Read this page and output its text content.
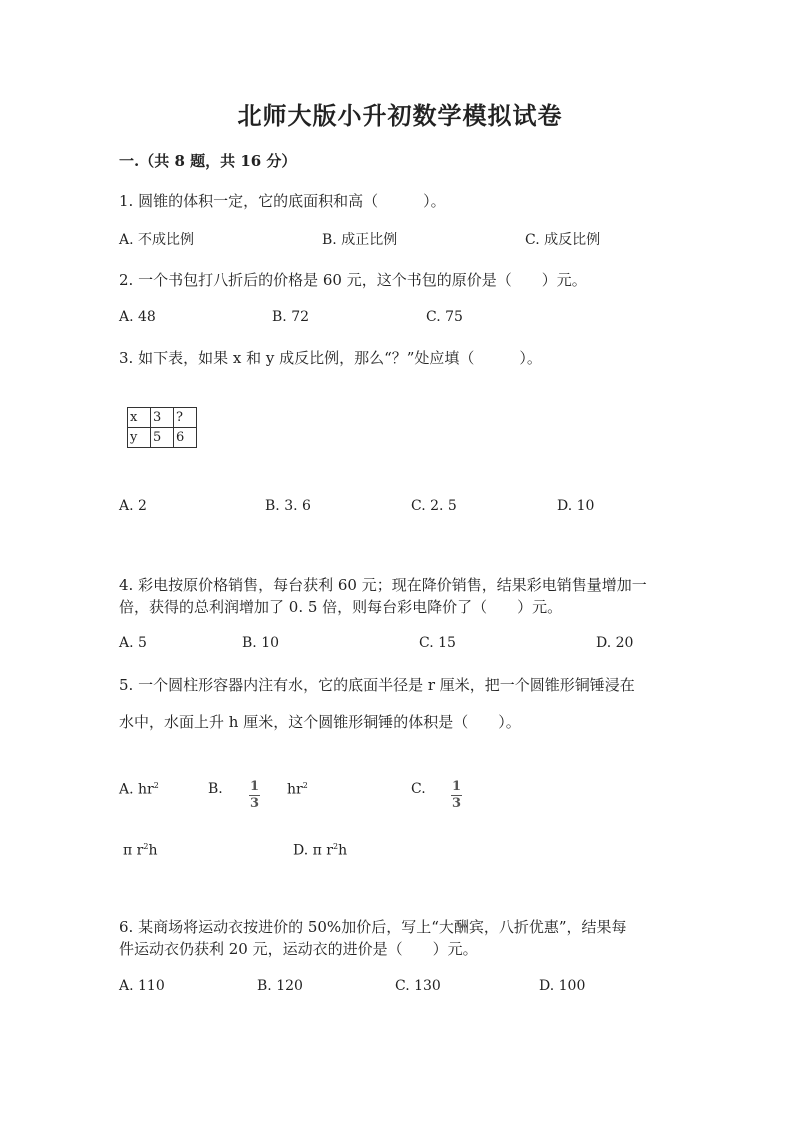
北师大版小升初数学模拟试卷
一.（共 8 题，共 16 分）
1. 圆锥的体积一定，它的底面积和高（　　　）。
A. 不成比例	B. 成正比例	C. 成反比例
2. 一个书包打八折后的价格是 60 元，这个书包的原价是（　　）元。
A. 48	B. 72	C. 75
3. 如下表，如果 x 和 y 成反比例，那么“？”处应填（　　　）。
x	3	?
y	5	6
A. 2	B. 3. 6	C. 2. 5	D. 10
4. 彩电按原价格销售，每台获利 60 元；现在降价销售，结果彩电销售量增加一
倍，获得的总利润增加了 0. 5 倍，则每台彩电降价了（　　）元。
A. 5	B. 10	C. 15	D. 20
5. 一个圆柱形容器内注有水，它的底面半径是 r 厘米，把一个圆锥形铜锤浸在
水中，水面上升 h 厘米，这个圆锥形铜锤的体积是（　　）。
A. $hr^2$	B. $\frac{1}{3} hr^2$	C. $\frac{1}{3}$
π $r^2h$	D. π $r^2h$
6. 某商场将运动衣按进价的 50%加价后，写上“大酬宾，八折优惠”，结果每
件运动衣仍获利 20 元，运动衣的进价是（　　）元。
A. 110	B. 120	C. 130	D. 100
